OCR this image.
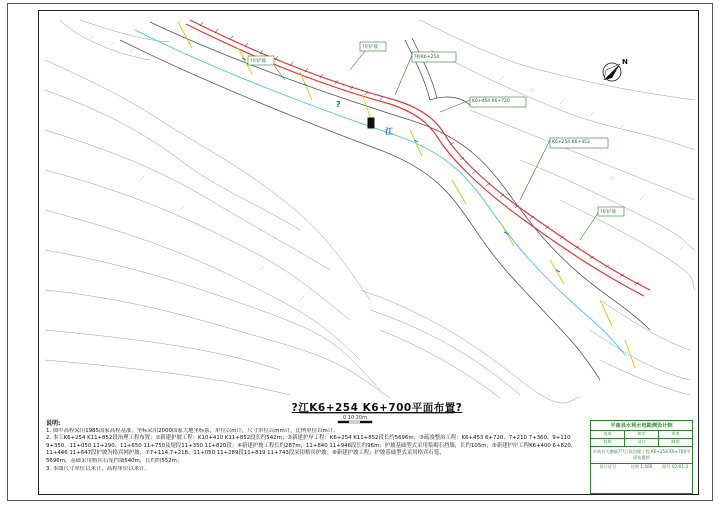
?
江
N
?桩K6+254
K6+454 K6+720
K6+254 K6+453
?岸护坡
?岸护坡
?岸护坡
?江K6+254 K6+700平面布置?
0 10 20m
说明:
1. 图中高程采用1985国家高程基准，坐标采用2000国家大地坐标系，单位以m计，尺寸单位以mm计，比例单位以m计。
2. 本工K6+254 K11+852段治理工程布置：①新建护坡工程：K10+410 K11+852段长约542m；②新建护岸工程：K6+254 K11+852段长约5696m；③疏浚整治工程：K6+453 6+720、7+210 7+360、9+110 9+350、11+050 11+290、11+650 11+750及堤段11+350 11+820段；④新建护坡工程长约287m，11+840 11+946段长约96m；护坡基础型式采用浆砌石挡墙，长约105m；⑤新建护岸工程K6+400 6+820、11+446 11+647段护坡为格宾网护坡；⑦7+114 7+218、11+050 11+289段11+819 11+743段采用格宾护坡；⑧新建护坡工程；护坡基础型式采用格宾石笼，
5696m，基础采用格宾石笼挡墙540m，长约约552m；
3. 本图尺寸单位以米计，高程单位以米计。
平南县水利水电勘测设计院
批准	核定	审查
校核	设计	制图
平南县大鹏镇???江段治理工程 K6+254 K6+700平面布置图
设计证号	比例 1:500	图号 02-01-3
